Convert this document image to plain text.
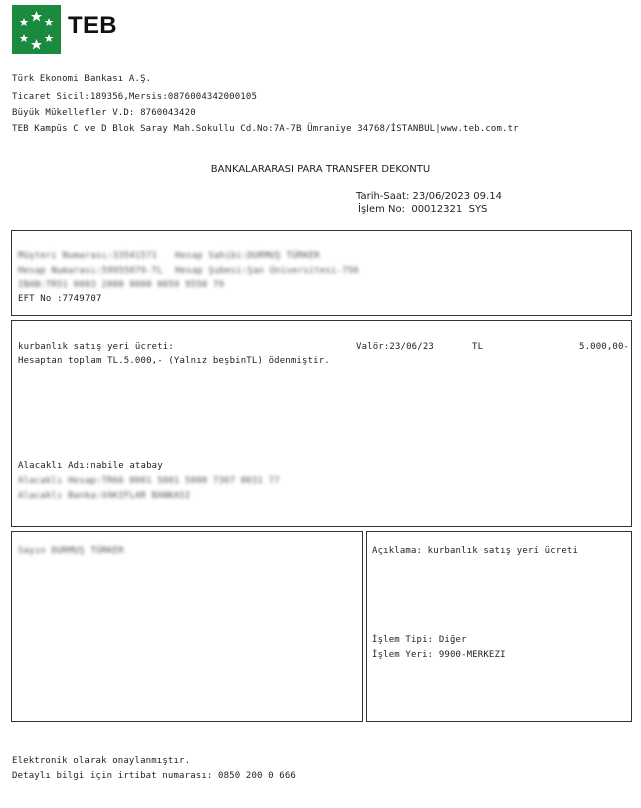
TEB
Türk Ekonomi Bankası A.Ş.
Ticaret Sicil:189356,Mersis:0876004342000105
Büyük Mükellefler V.D: 8760043420
TEB Kampüs C ve D Blok Saray Mah.Sokullu Cd.No:7A-7B Ümraniye 34768/İSTANBUL|www.teb.com.tr
BANKALARARASI PARA TRANSFER DEKONTU
Tarih-Saat: 23/06/2023 09.14
İşlem No:  00012321  SYS
Müşteri Numarası:33541571 Hesap Sahibi:DURMUŞ TÜRKER
Hesap Numarası:59955079-TL Hesap Şubesi:Şan Üniversitesi-756
IBAN:TR51 0003 2000 0000 0059 9550 79
EFT No :7749707
kurbanlık satış yeri ücreti:	Valör:23/06/23	TL	5.000,00-
Hesaptan toplam TL.5.000,- (Yalnız beşbinTL) ödenmiştir.
Alacaklı Adı:nabile atabay
Alacaklı Hesap:TR66 0001 5001 5800 7307 0031 77
Alacaklı Banka:VAKIFLAR BANKASI
Sayın DURMUŞ TÜRKER	Açıklama: kurbanlık satış yeri ücreti
İşlem Tipi: Diğer
İşlem Yeri: 9900-MERKEZI
Elektronik olarak onaylanmıştır.
Detaylı bilgi için irtibat numarası: 0850 200 0 666
